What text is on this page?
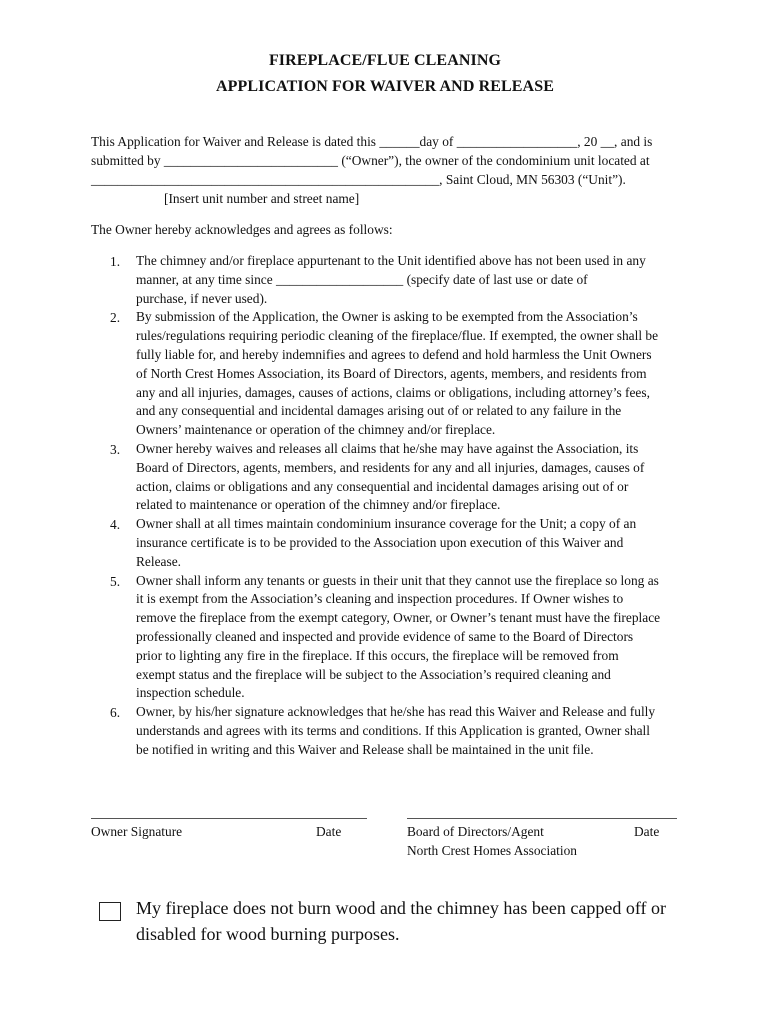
FIREPLACE/FLUE CLEANING
APPLICATION FOR WAIVER AND RELEASE
This Application for Waiver and Release is dated this ______day of __________________, 20 __, and is
submitted by __________________________ (“Owner”), the owner of the condominium unit located at
____________________________________________________, Saint Cloud, MN 56303 (“Unit”).
[Insert unit number and street name]
The Owner hereby acknowledges and agrees as follows:
1.	The chimney and/or fireplace appurtenant to the Unit identified above has not been used in any
manner, at any time since ___________________ (specify date of last use or date of
purchase, if never used).
2.	By submission of the Application, the Owner is asking to be exempted from the Association’s
rules/regulations requiring periodic cleaning of the fireplace/flue. If exempted, the owner shall be
fully liable for, and hereby indemnifies and agrees to defend and hold harmless the Unit Owners
of North Crest Homes Association, its Board of Directors, agents, members, and residents from
any and all injuries, damages, causes of actions, claims or obligations, including attorney’s fees,
and any consequential and incidental damages arising out of or related to any failure in the
Owners’ maintenance or operation of the chimney and/or fireplace.
3.	Owner hereby waives and releases all claims that he/she may have against the Association, its
Board of Directors, agents, members, and residents for any and all injuries, damages, causes of
action, claims or obligations and any consequential and incidental damages arising out of or
related to maintenance or operation of the chimney and/or fireplace.
4.	Owner shall at all times maintain condominium insurance coverage for the Unit; a copy of an
insurance certificate is to be provided to the Association upon execution of this Waiver and
Release.
5.	Owner shall inform any tenants or guests in their unit that they cannot use the fireplace so long as
it is exempt from the Association’s cleaning and inspection procedures. If Owner wishes to
remove the fireplace from the exempt category, Owner, or Owner’s tenant must have the fireplace
professionally cleaned and inspected and provide evidence of same to the Board of Directors
prior to lighting any fire in the fireplace. If this occurs, the fireplace will be removed from
exempt status and the fireplace will be subject to the Association’s required cleaning and
inspection schedule.
6.	Owner, by his/her signature acknowledges that he/she has read this Waiver and Release and fully
understands and agrees with its terms and conditions. If this Application is granted, Owner shall
be notified in writing and this Waiver and Release shall be maintained in the unit file.
Owner Signature	Date	Board of Directors/Agent	Date
North Crest Homes Association
My fireplace does not burn wood and the chimney has been capped off or
disabled for wood burning purposes.
